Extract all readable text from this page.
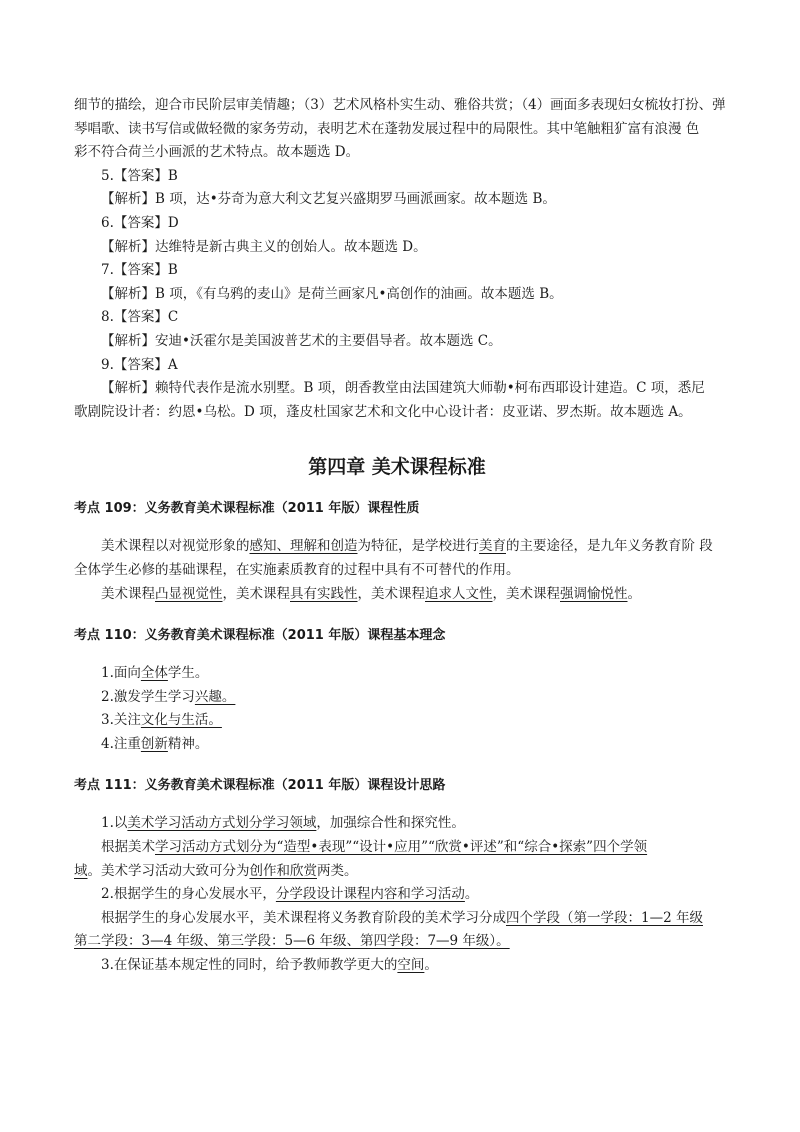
细节的描绘，迎合市民阶层审美情趣；（3）艺术风格朴实生动、雅俗共赏；（4）画面多表现妇女梳妆打扮、弹
琴唱歌、读书写信或做轻微的家务劳动，表明艺术在蓬勃发展过程中的局限性。其中笔触粗犷富有浪漫 色
彩不符合荷兰小画派的艺术特点。故本题选 D。
5.【答案】B
【解析】B 项，达•芬奇为意大利文艺复兴盛期罗马画派画家。故本题选 B。
6.【答案】D
【解析】达维特是新古典主义的创始人。故本题选 D。
7.【答案】B
【解析】B 项，《有乌鸦的麦山》是荷兰画家凡•高创作的油画。故本题选 B。
8.【答案】C
【解析】安迪•沃霍尔是美国波普艺术的主要倡导者。故本题选 C。
9.【答案】A
【解析】赖特代表作是流水别墅。B 项，朗香教堂由法国建筑大师勒•柯布西耶设计建造。C 项，悉尼
歌剧院设计者：约恩•乌松。D 项，蓬皮杜国家艺术和文化中心设计者：皮亚诺、罗杰斯。故本题选 A。
第四章 美术课程标准
考点 109：义务教育美术课程标准（2011 年版）课程性质
美术课程以对视觉形象的感知、理解和创造为特征，是学校进行美育的主要途径，是九年义务教育阶 段
全体学生必修的基础课程，在实施素质教育的过程中具有不可替代的作用。
美术课程凸显视觉性，美术课程具有实践性，美术课程追求人文性，美术课程强调愉悦性。
考点 110：义务教育美术课程标准（2011 年版）课程基本理念
1.面向全体学生。
2.激发学生学习兴趣。
3.关注文化与生活。
4.注重创新精神。
考点 111：义务教育美术课程标准（2011 年版）课程设计思路
1.以美术学习活动方式划分学习领域，加强综合性和探究性。
根据美术学习活动方式划分为“造型•表现”“设计•应用”“欣赏•评述”和“综合•探索”四个学领
域。美术学习活动大致可分为创作和欣赏两类。
2.根据学生的身心发展水平，分学段设计课程内容和学习活动。
根据学生的身心发展水平，美术课程将义务教育阶段的美术学习分成四个学段（第一学段：1—2 年级
第二学段：3—4 年级、第三学段：5—6 年级、第四学段：7—9 年级）。
3.在保证基本规定性的同时，给予教师教学更大的空间。
